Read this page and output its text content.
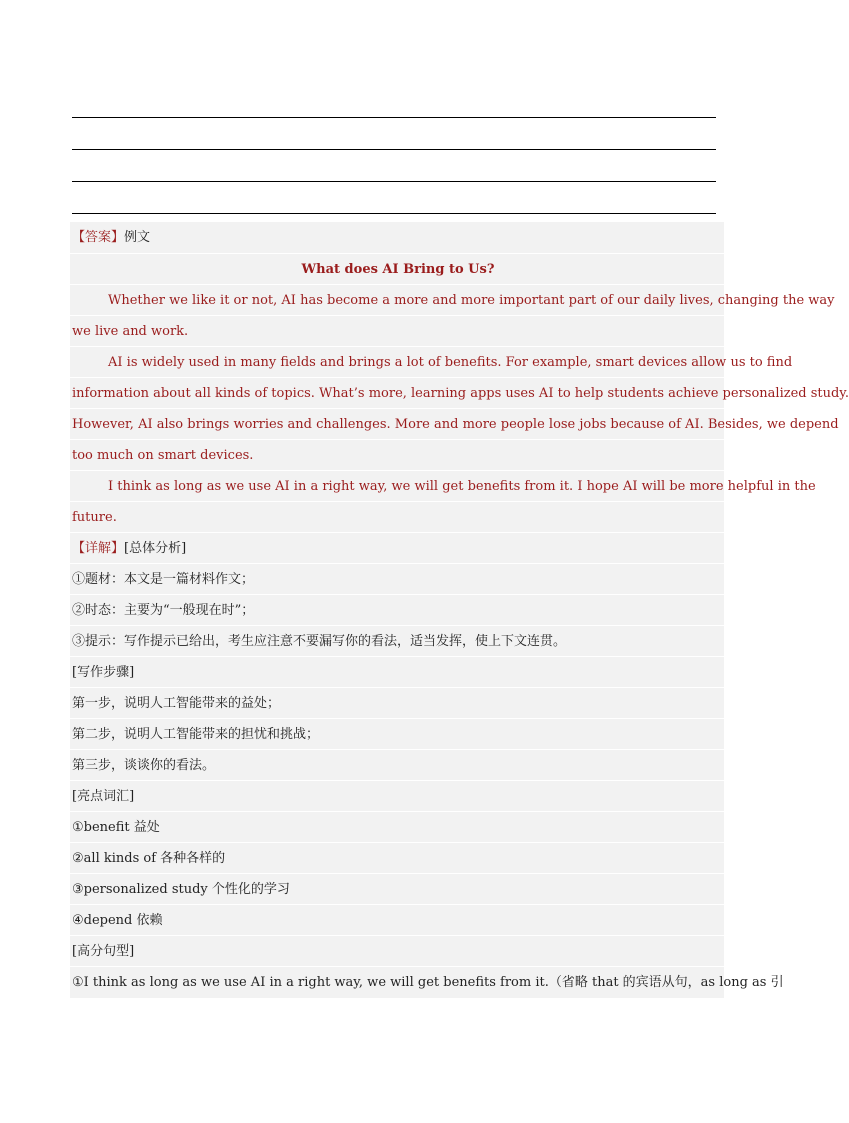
【答案】例文
What does AI Bring to Us?
Whether we like it or not, AI has become a more and more important part of our daily lives, changing the way
we live and work.
AI is widely used in many fields and brings a lot of benefits. For example, smart devices allow us to find
information about all kinds of topics. What’s more, learning apps uses AI to help students achieve personalized study.
However, AI also brings worries and challenges. More and more people lose jobs because of AI. Besides, we depend
too much on smart devices.
I think as long as we use AI in a right way, we will get benefits from it. I hope AI will be more helpful in the
future.
【详解】[总体分析]
①题材：本文是一篇材料作文；
②时态：主要为“一般现在时”；
③提示：写作提示已给出，考生应注意不要漏写你的看法，适当发挥，使上下文连贯。
[写作步骤]
第一步，说明人工智能带来的益处；
第二步，说明人工智能带来的担忧和挑战；
第三步，谈谈你的看法。
[亮点词汇]
①benefit 益处
②all kinds of 各种各样的
③personalized study 个性化的学习
④depend 依赖
[高分句型]
①I think as long as we use AI in a right way, we will get benefits from it.（省略 that 的宾语从句，as long as 引
